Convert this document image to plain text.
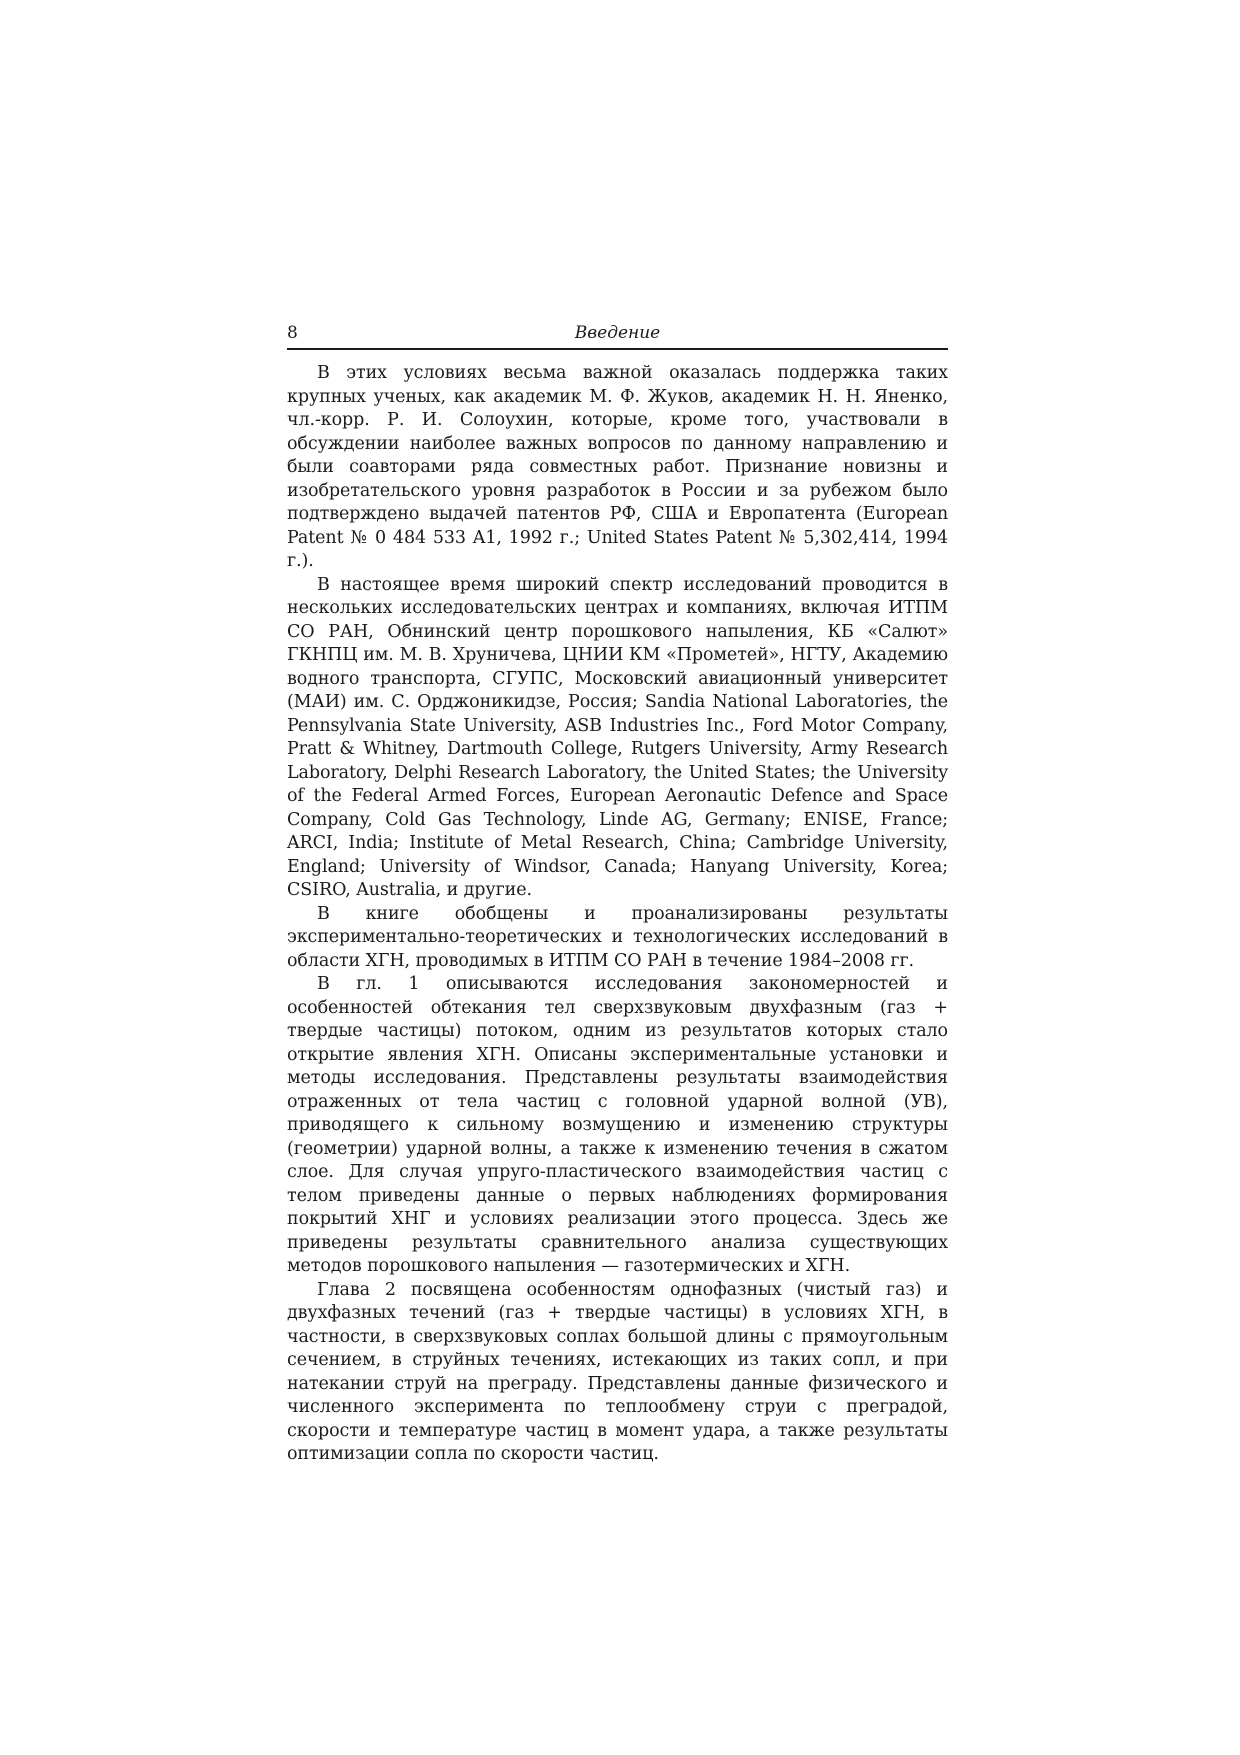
8	Введение

В этих условиях весьма важной оказалась поддержка таких крупных ученых, как академик М. Ф. Жуков, академик Н. Н. Яненко, чл.-корр. Р. И. Солоухин, которые, кроме того, участвовали в обсуждении наиболее важных вопросов по данному направлению и были соавторами ряда совместных работ. Признание новизны и изобретательского уровня разработок в России и за рубежом было подтверждено выдачей патентов РФ, США и Европатента (European Patent № 0 484 533 A1, 1992 г.; United States Patent № 5,302,414, 1994 г.).

В настоящее время широкий спектр исследований проводится в нескольких исследовательских центрах и компаниях, включая ИТПМ СО РАН, Обнинский центр порошкового напыления, КБ «Салют» ГКНПЦ им. М. В. Хруничева, ЦНИИ КМ «Прометей», НГТУ, Академию водного транспорта, СГУПС, Московский авиационный университет (МАИ) им. С. Орджоникидзе, Россия; Sandia National Laboratories, the Pennsylvania State University, ASB Industries Inc., Ford Motor Company, Pratt & Whitney, Dartmouth College, Rutgers University, Army Research Laboratory, Delphi Research Laboratory, the United States; the University of the Federal Armed Forces, European Aeronautic Defence and Space Company, Cold Gas Technology, Linde AG, Germany; ENISE, France; ARCI, India; Institute of Metal Research, China; Cambridge University, England; University of Windsor, Canada; Hanyang University, Korea; CSIRO, Australia, и другие.

В книге обобщены и проанализированы результаты экспериментально-теоретических и технологических исследований в области ХГН, проводимых в ИТПМ СО РАН в течение 1984–2008 гг.

В гл. 1 описываются исследования закономерностей и особенностей обтекания тел сверхзвуковым двухфазным (газ + твердые частицы) потоком, одним из результатов которых стало открытие явления ХГН. Описаны экспериментальные установки и методы исследования. Представлены результаты взаимодействия отраженных от тела частиц с головной ударной волной (УВ), приводящего к сильному возмущению и изменению структуры (геометрии) ударной волны, а также к изменению течения в сжатом слое. Для случая упруго-пластического взаимодействия частиц с телом приведены данные о первых наблюдениях формирования покрытий ХНГ и условиях реализации этого процесса. Здесь же приведены результаты сравнительного анализа существующих методов порошкового напыления — газотермических и ХГН.

Глава 2 посвящена особенностям однофазных (чистый газ) и двухфазных течений (газ + твердые частицы) в условиях ХГН, в частности, в сверхзвуковых соплах большой длины с прямоугольным сечением, в струйных течениях, истекающих из таких сопл, и при натекании струй на преграду. Представлены данные физического и численного эксперимента по теплообмену струи с преградой, скорости и температуре частиц в момент удара, а также результаты оптимизации сопла по скорости частиц.
